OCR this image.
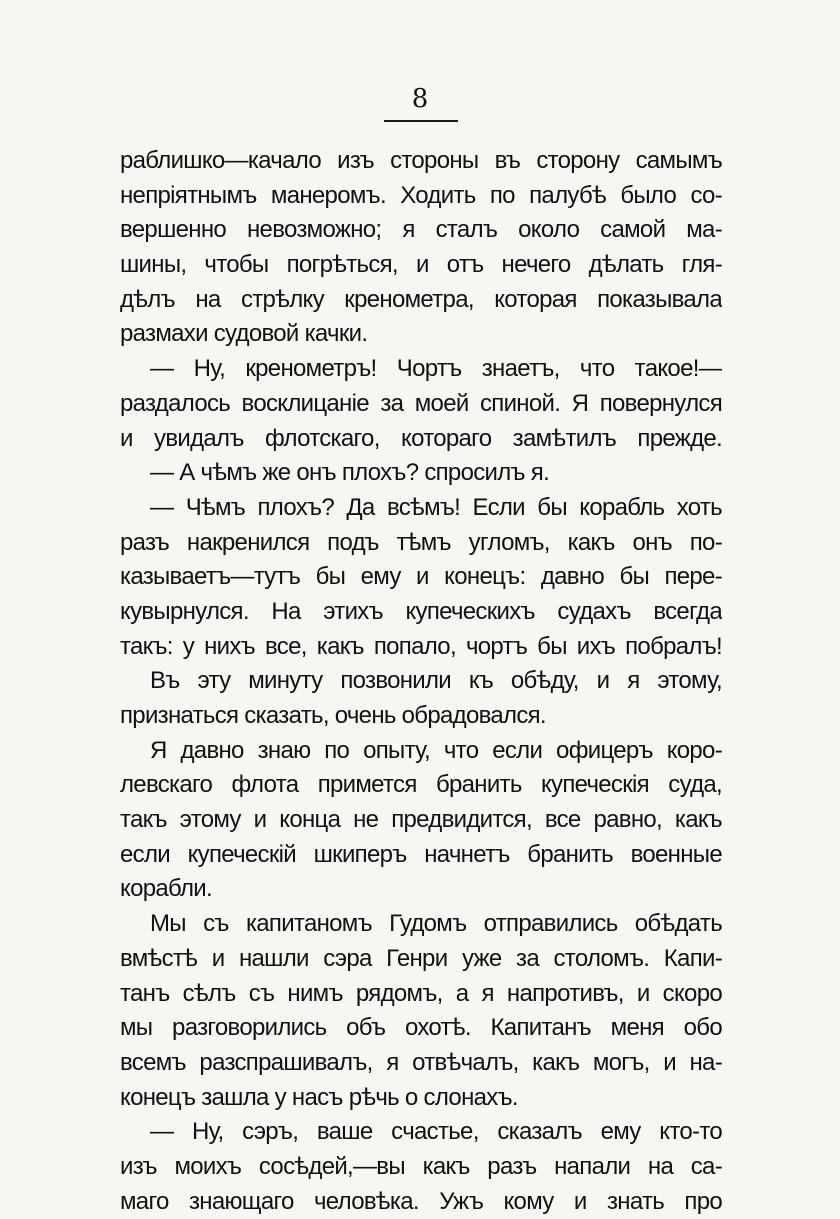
8
раблишко—качало изъ стороны въ сторону самымъ
непріятнымъ манеромъ. Ходить по палубѣ было со-
вершенно невозможно; я сталъ около самой ма-
шины, чтобы погрѣться, и отъ нечего дѣлать гля-
дѣлъ на стрѣлку кренометра, которая показывала
размахи судовой качки.
— Ну, кренометръ! Чортъ знаетъ, что такое!—
раздалось восклицаніе за моей спиной. Я повернулся
и увидалъ флотскаго, котораго замѣтилъ прежде.
— А чѣмъ же онъ плохъ? спросилъ я.
— Чѣмъ плохъ? Да всѣмъ! Если бы корабль хоть
разъ накренился подъ тѣмъ угломъ, какъ онъ по-
казываетъ—тутъ бы ему и конецъ: давно бы пере-
кувырнулся. На этихъ купеческихъ судахъ всегда
такъ: у нихъ все, какъ попало, чортъ бы ихъ побралъ!
Въ эту минуту позвонили къ обѣду, и я этому,
признаться сказать, очень обрадовался.
Я давно знаю по опыту, что если офицеръ коро-
левскаго флота примется бранить купеческія суда,
такъ этому и конца не предвидится, все равно, какъ
если купеческій шкиперъ начнетъ бранить военные
корабли.
Мы съ капитаномъ Гудомъ отправились обѣдать
вмѣстѣ и нашли сэра Генри уже за столомъ. Капи-
танъ сѣлъ съ нимъ рядомъ, а я напротивъ, и скоро
мы разговорились объ охотѣ. Капитанъ меня обо
всемъ разспрашивалъ, я отвѣчалъ, какъ могъ, и на-
конецъ зашла у насъ рѣчь о слонахъ.
— Ну, сэръ, ваше счастье, сказалъ ему кто-то
изъ моихъ сосѣдей,—вы какъ разъ напали на са-
маго знающаго человѣка. Ужъ кому и знать про
